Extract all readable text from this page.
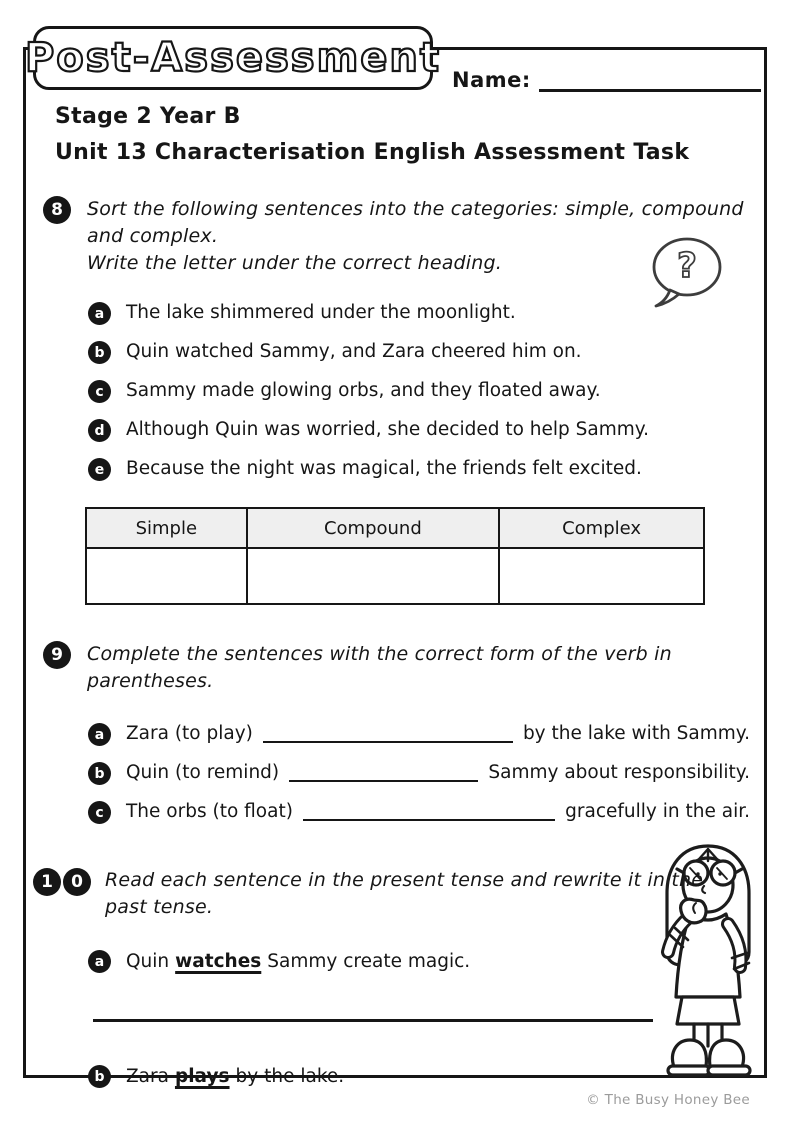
Post-Assessment Name:
Stage 2 Year B
Unit 13 Characterisation English Assessment Task
8	Sort the following sentences into the categories: simple, compound and complex.
Write the letter under the correct heading.
a	The lake shimmered under the moonlight.
b	Quin watched Sammy, and Zara cheered him on.
c	Sammy made glowing orbs, and they floated away.
d	Although Quin was worried, she decided to help Sammy.
e	Because the night was magical, the friends felt excited.
Simple	Compound	Complex

9	Complete the sentences with the correct form of the verb in parentheses.
a	Zara (to play)	by the lake with Sammy.
b	Quin (to remind)	Sammy about responsibility.
c	The orbs (to float)	gracefully in the air.
1	0	Read each sentence in the present tense and rewrite it in the past tense.
a	Quin watches Sammy create magic.
b	Zara plays by the lake.
?
© The Busy Honey Bee
